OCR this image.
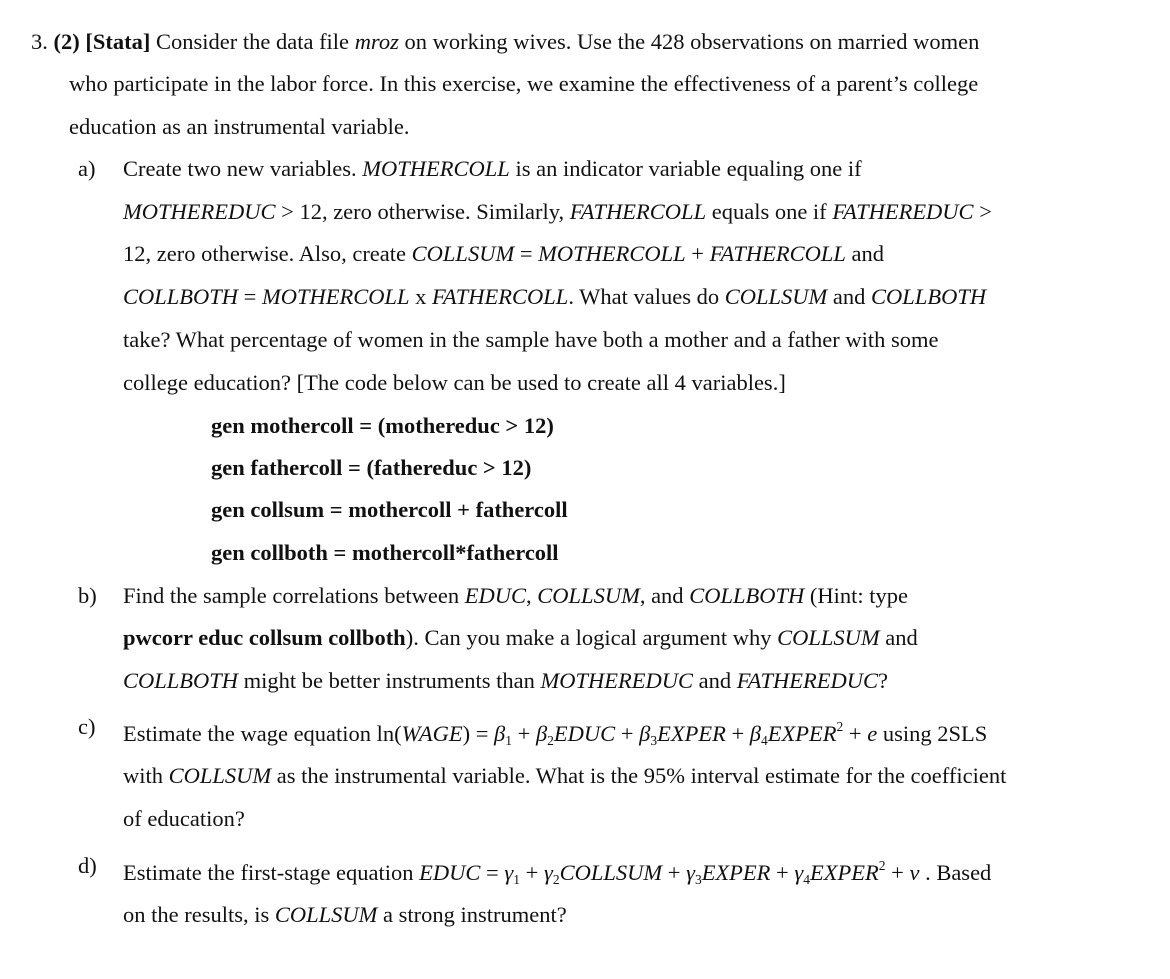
3. (2) [Stata] Consider the data file mroz on working wives. Use the 428 observations on married women
who participate in the labor force. In this exercise, we examine the effectiveness of a parent’s college
education as an instrumental variable.
a) Create two new variables. MOTHERCOLL is an indicator variable equaling one if
MOTHEREDUC > 12, zero otherwise. Similarly, FATHERCOLL equals one if FATHEREDUC >
12, zero otherwise. Also, create COLLSUM = MOTHERCOLL + FATHERCOLL and
COLLBOTH = MOTHERCOLL x FATHERCOLL. What values do COLLSUM and COLLBOTH
take? What percentage of women in the sample have both a mother and a father with some
college education? [The code below can be used to create all 4 variables.]
gen mothercoll = (mothereduc > 12)
gen fathercoll = (fathereduc > 12)
gen collsum = mothercoll + fathercoll
gen collboth = mothercoll*fathercoll
b) Find the sample correlations between EDUC, COLLSUM, and COLLBOTH (Hint: type
pwcorr educ collsum collboth). Can you make a logical argument why COLLSUM and
COLLBOTH might be better instruments than MOTHEREDUC and FATHEREDUC?
c) Estimate the wage equation ln(WAGE) = $\beta_1$ + $\beta_2EDUC$ + $\beta_3EXPER$ + $\beta_4EXPER^2 + e$ using 2SLS
with COLLSUM as the instrumental variable. What is the 95% interval estimate for the coefficient
of education?
d) Estimate the first-stage equation EDUC = $\gamma_1$ + $\gamma_2COLLSUM$ + $\gamma_3EXPER$ + $\gamma_4EXPER^2 + v$ . Based
on the results, is COLLSUM a strong instrument?
